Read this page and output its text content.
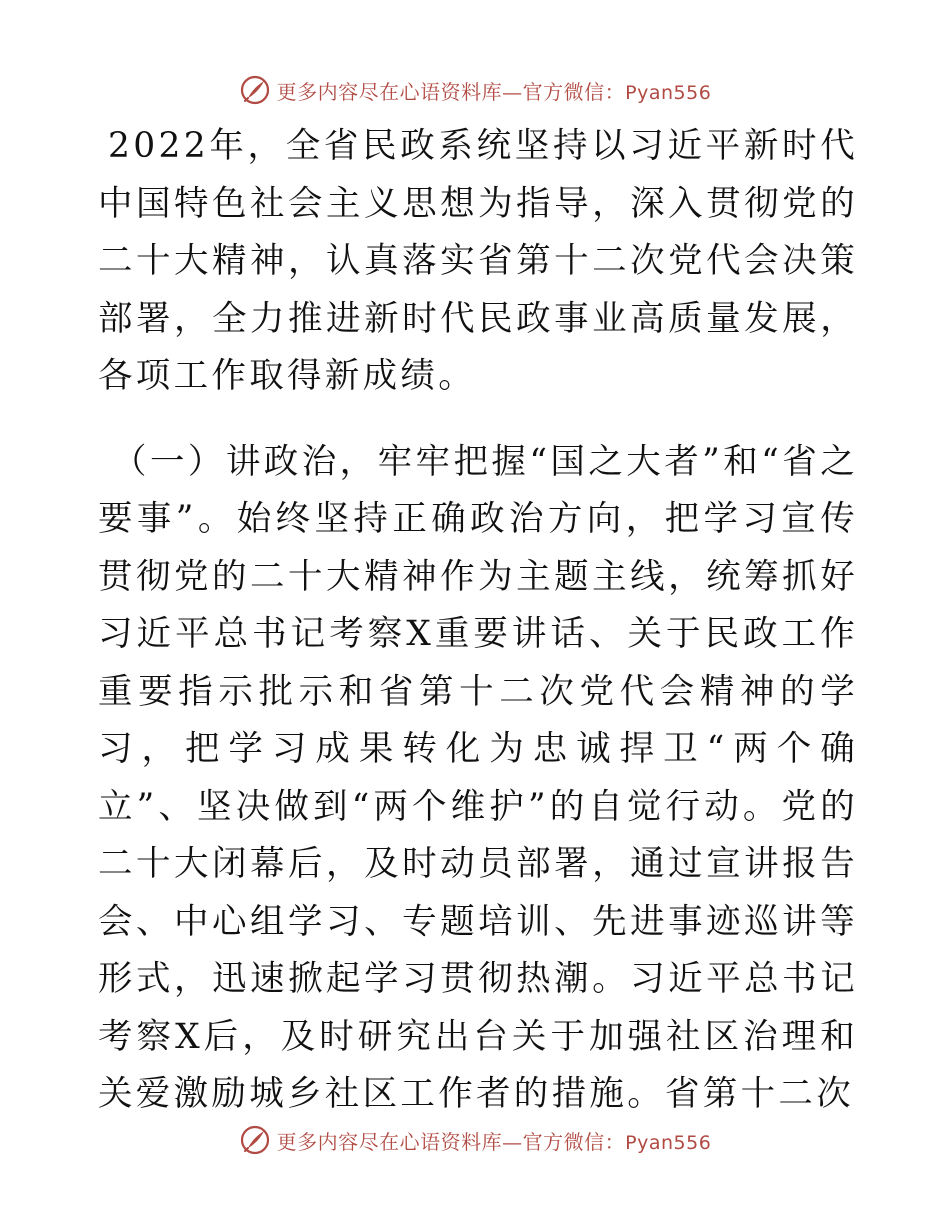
更多内容尽在心语资料库—官方微信：Pyan556

2022年，全省民政系统坚持以习近平新时代中国特色社会主义思想为指导，深入贯彻党的二十大精神，认真落实省第十二次党代会决策部署，全力推进新时代民政事业高质量发展，各项工作取得新成绩。

（一）讲政治，牢牢把握“国之大者”和“省之要事”。始终坚持正确政治方向，把学习宣传贯彻党的二十大精神作为主题主线，统筹抓好习近平总书记考察X重要讲话、关于民政工作重要指示批示和省第十二次党代会精神的学习，把学习成果转化为忠诚捍卫“两个确立”、坚决做到“两个维护”的自觉行动。党的二十大闭幕后，及时动员部署，通过宣讲报告会、中心组学习、专题培训、先进事迹巡讲等形式，迅速掀起学习贯彻热潮。习近平总书记考察X后，及时研究出台关于加强社区治理和关爱激励城乡社区工作者的措施。省第十二次

更多内容尽在心语资料库—官方微信：Pyan556
